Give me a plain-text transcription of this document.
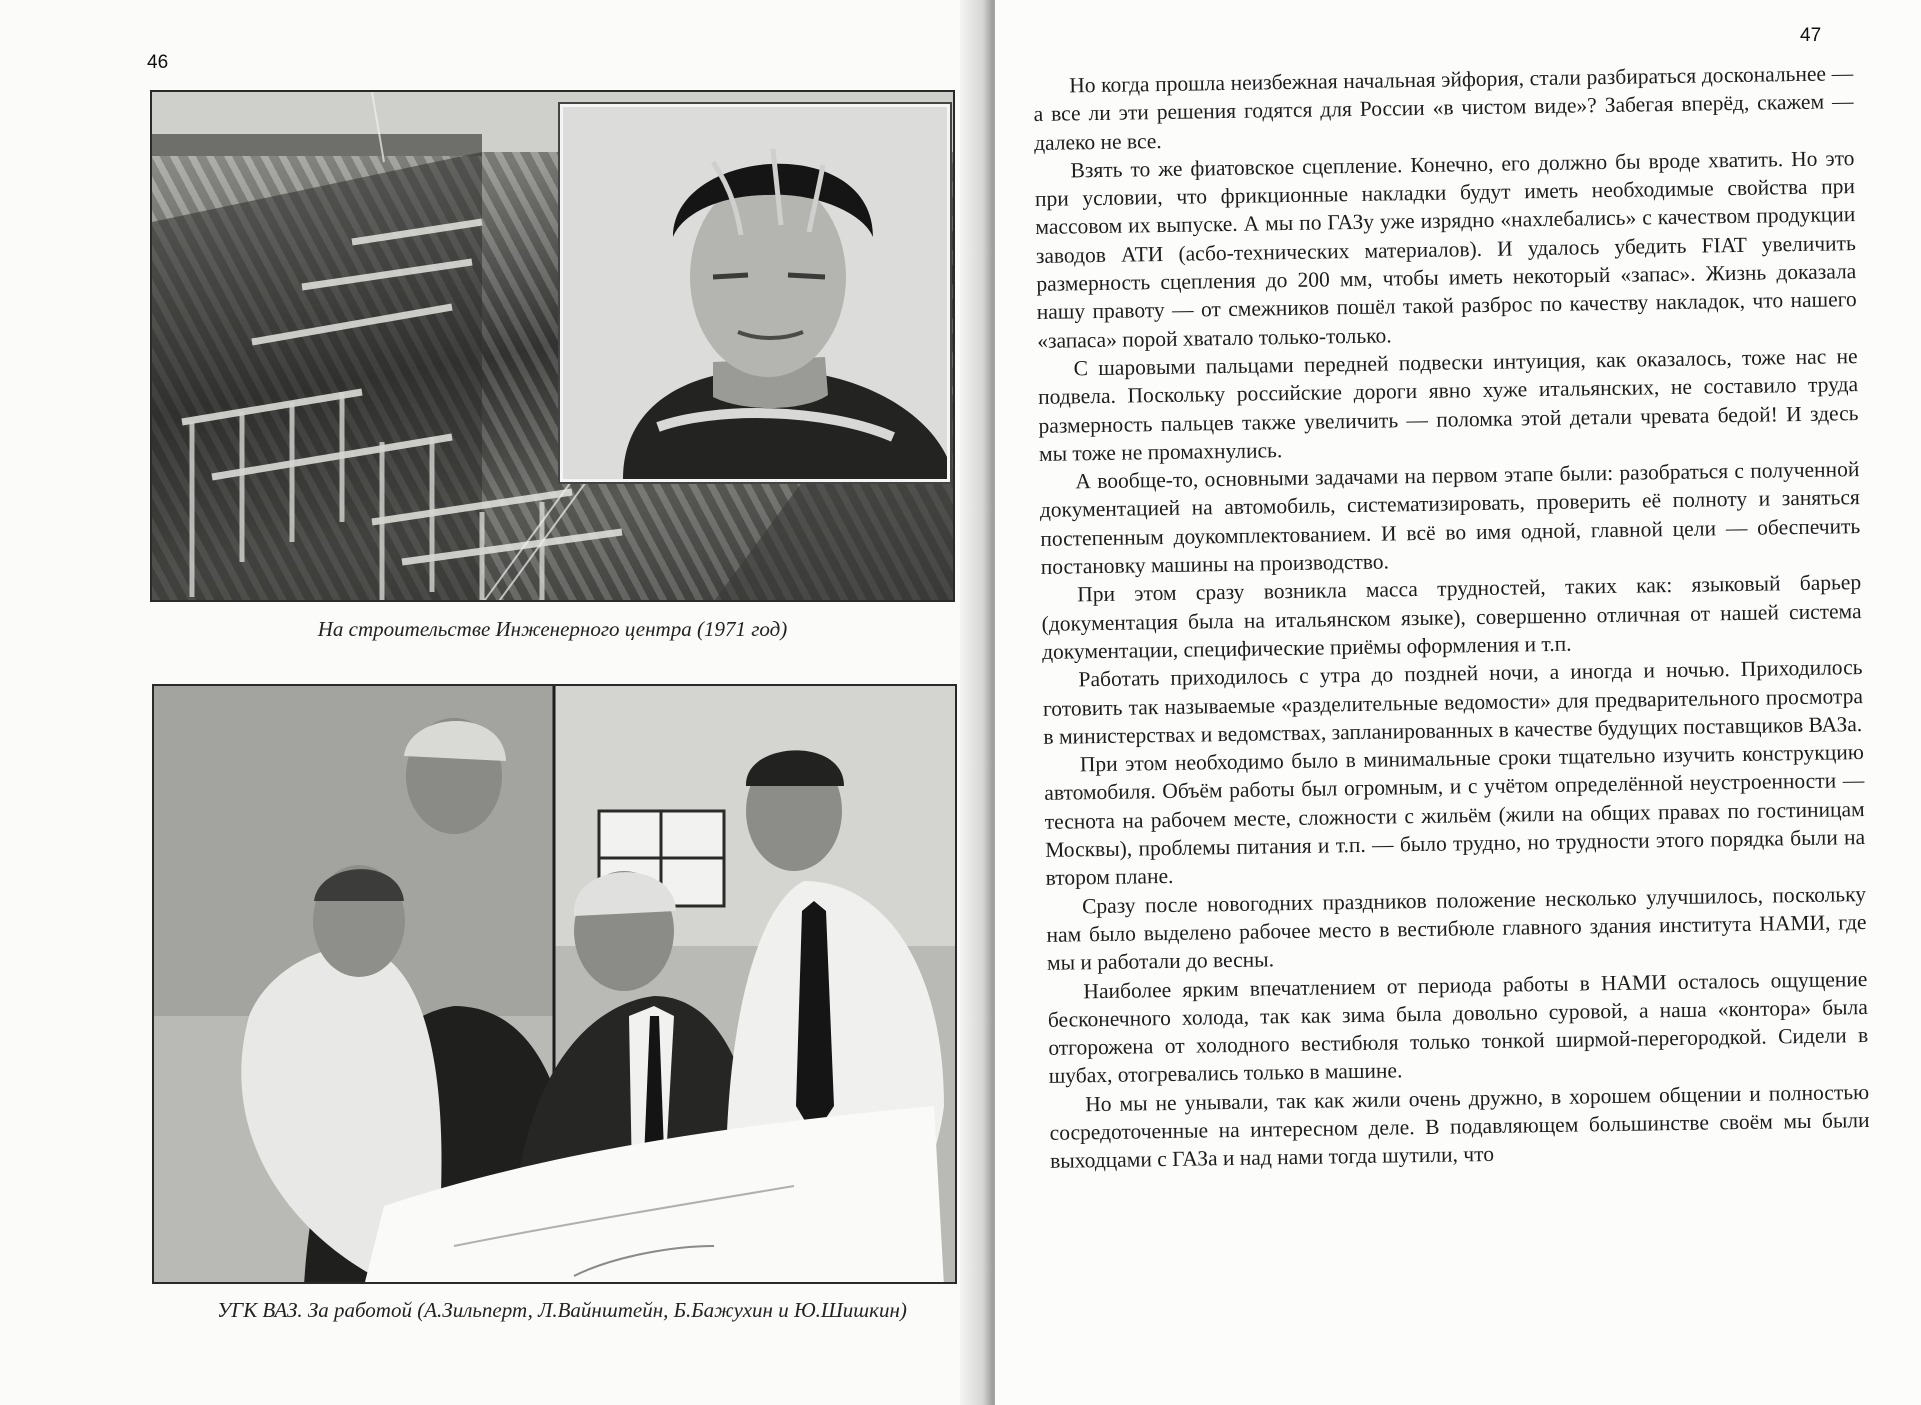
46
На строительстве Инженерного центра (1971 год)
УГК ВАЗ. За работой (А.Зильперт, Л.Вайнштейн, Б.Бажухин и Ю.Шишкин)
47

Но когда прошла неизбежная начальная эйфория, стали разбираться доскональнее — а все ли эти решения годятся для России «в чистом виде»? Забегая вперёд, скажем — далеко не все.

Взять то же фиатовское сцепление. Конечно, его должно бы вроде хватить. Но это при условии, что фрикционные накладки будут иметь необходимые свойства при массовом их выпуске. А мы по ГАЗу уже изрядно «нахлебались» с качеством продукции заводов АТИ (асбо-технических материалов). И удалось убедить FIAT увеличить размерность сцепления до 200 мм, чтобы иметь некоторый «запас». Жизнь доказала нашу правоту — от смежников пошёл такой разброс по качеству накладок, что нашего «запаса» порой хватало только-только.

С шаровыми пальцами передней подвески интуиция, как оказалось, тоже нас не подвела. Поскольку российские дороги явно хуже итальянских, не составило труда размерность пальцев также увеличить — поломка этой детали чревата бедой! И здесь мы тоже не промахнулись.

А вообще-то, основными задачами на первом этапе были: разобраться с полученной документацией на автомобиль, систематизировать, проверить её полноту и заняться постепенным доукомплектованием. И всё во имя одной, главной цели — обеспечить постановку машины на производство.

При этом сразу возникла масса трудностей, таких как: языковый барьер (документация была на итальянском языке), совершенно отличная от нашей система документации, специфические приёмы оформления и т.п.

Работать приходилось с утра до поздней ночи, а иногда и ночью. Приходилось готовить так называемые «разделительные ведомости» для предварительного просмотра в министерствах и ведомствах, запланированных в качестве будущих поставщиков ВАЗа.

При этом необходимо было в минимальные сроки тщательно изучить конструкцию автомобиля. Объём работы был огромным, и с учётом определённой неустроенности — теснота на рабочем месте, сложности с жильём (жили на общих правах по гостиницам Москвы), проблемы питания и т.п. — было трудно, но трудности этого порядка были на втором плане.

Сразу после новогодних праздников положение несколько улучшилось, поскольку нам было выделено рабочее место в вестибюле главного здания института НАМИ, где мы и работали до весны.

Наиболее ярким впечатлением от периода работы в НАМИ осталось ощущение бесконечного холода, так как зима была довольно суровой, а наша «контора» была отгорожена от холодного вестибюля только тонкой ширмой-перегородкой. Сидели в шубах, отогревались только в машине.

Но мы не унывали, так как жили очень дружно, в хорошем общении и полностью сосредоточенные на интересном деле. В подавляющем большинстве своём мы были выходцами с ГАЗа и над нами тогда шутили, что
